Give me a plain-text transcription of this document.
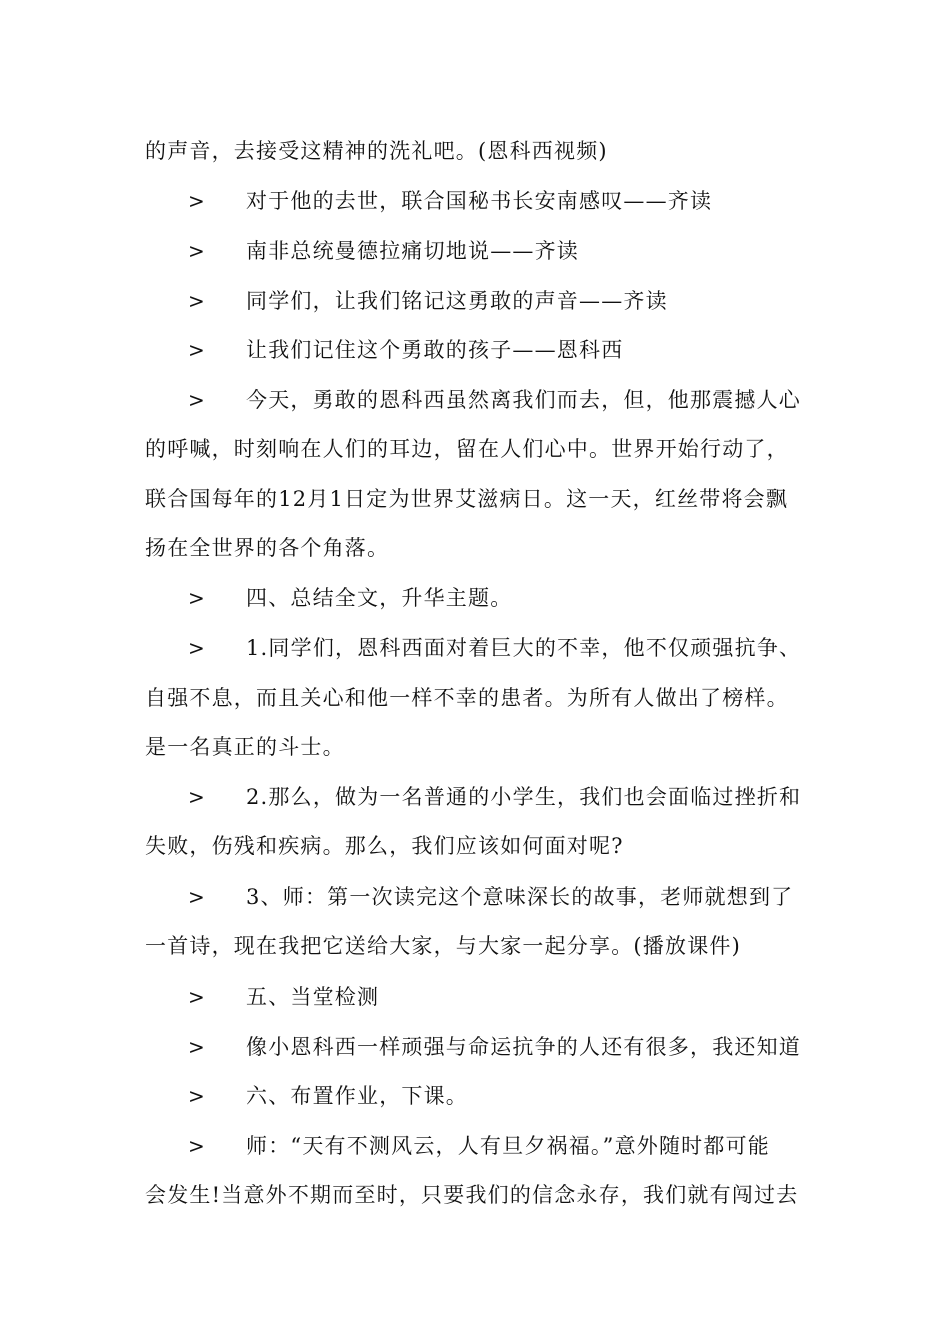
的声音，去接受这精神的洗礼吧。(恩科西视频)
> 对于他的去世，联合国秘书长安南感叹——齐读
> 南非总统曼德拉痛切地说——齐读
> 同学们，让我们铭记这勇敢的声音——齐读
> 让我们记住这个勇敢的孩子——恩科西
> 今天，勇敢的恩科西虽然离我们而去，但，他那震撼人心
的呼喊，时刻响在人们的耳边，留在人们心中。世界开始行动了，
联合国每年的12月1日定为世界艾滋病日。这一天，红丝带将会飘
扬在全世界的各个角落。
> 四、总结全文，升华主题。
> 1.同学们，恩科西面对着巨大的不幸，他不仅顽强抗争、
自强不息，而且关心和他一样不幸的患者。为所有人做出了榜样。
是一名真正的斗士。
> 2.那么，做为一名普通的小学生，我们也会面临过挫折和
失败，伤残和疾病。那么，我们应该如何面对呢?
> 3、师：第一次读完这个意味深长的故事，老师就想到了
一首诗，现在我把它送给大家，与大家一起分享。(播放课件)
> 五、当堂检测
> 像小恩科西一样顽强与命运抗争的人还有很多，我还知道
> 六、布置作业，下课。
> 师：“天有不测风云，人有旦夕祸福。”意外随时都可能
会发生!当意外不期而至时，只要我们的信念永存，我们就有闯过去
